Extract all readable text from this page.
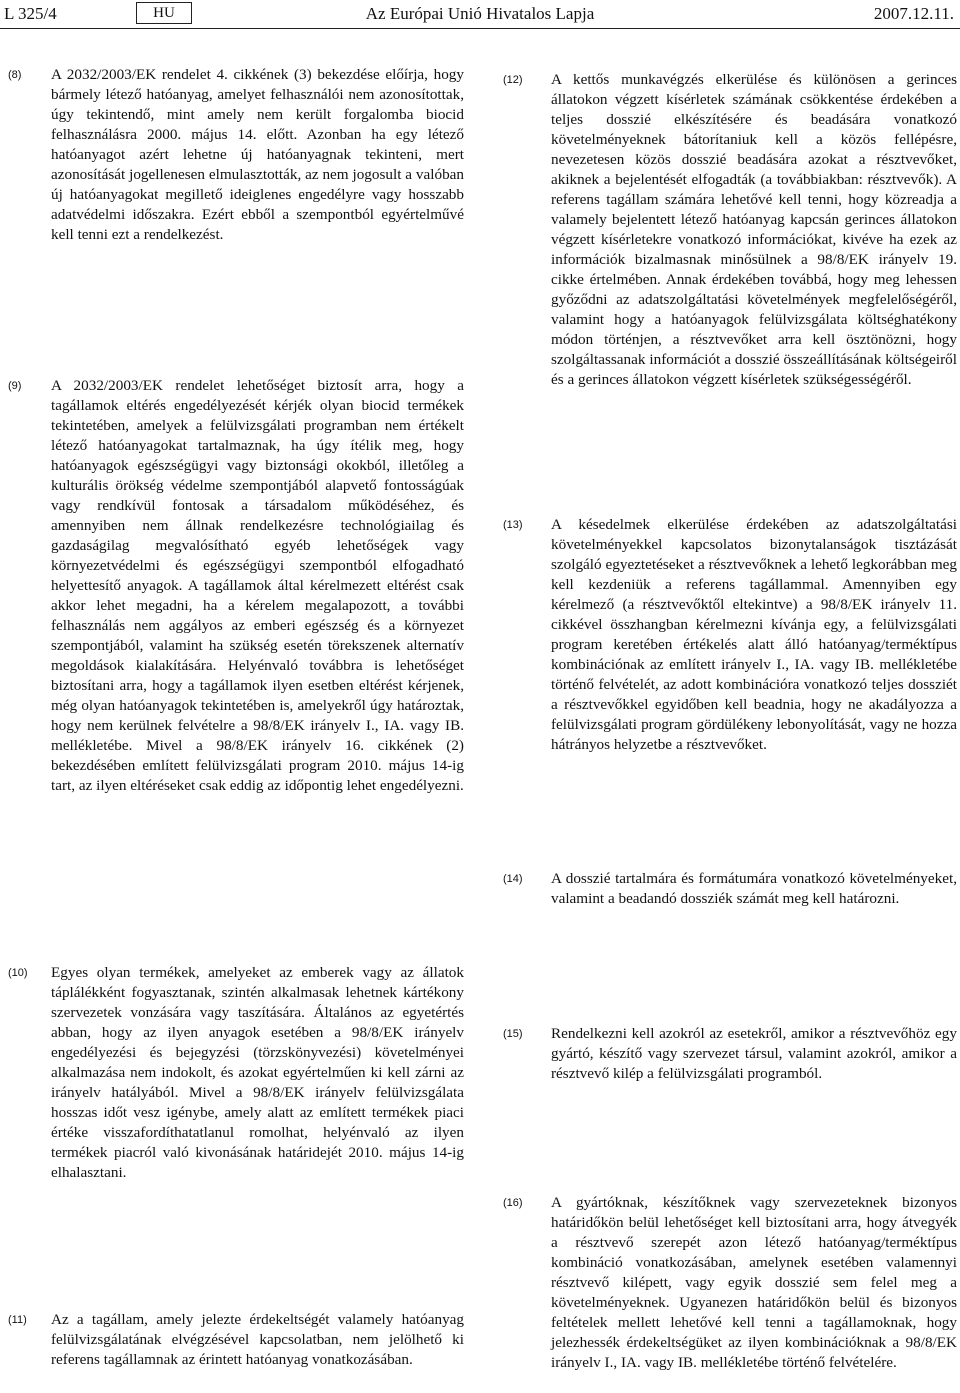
L 325/4	HU	Az Európai Unió Hivatalos Lapja	2007.12.11.
(8) A 2032/2003/EK rendelet 4. cikkének (3) bekezdése előírja, hogy bármely létező hatóanyag, amelyet felhasználói nem azonosítottak, úgy tekintendő, mint amely nem került forgalomba biocid felhasználásra 2000. május 14. előtt. Azonban ha egy létező hatóanyagot azért lehetne új hatóanyagnak tekinteni, mert azonosítását jogellenesen elmulasztották, az nem jogosult a valóban új hatóanyagokat megillető ideiglenes engedélyre vagy hosszabb adatvédelmi időszakra. Ezért ebből a szempontból egyértelművé kell tenni ezt a rendelkezést.

(9) A 2032/2003/EK rendelet lehetőséget biztosít arra, hogy a tagállamok eltérés engedélyezését kérjék olyan biocid termékek tekintetében, amelyek a felülvizsgálati programban nem értékelt létező hatóanyagokat tartalmaznak, ha úgy ítélik meg, hogy hatóanyagok egészségügyi vagy biztonsági okokból, illetőleg a kulturális örökség védelme szempontjából alapvető fontosságúak vagy rendkívül fontosak a társadalom működéséhez, és amennyiben nem állnak rendelkezésre technológiailag és gazdaságilag megvalósítható egyéb lehetőségek vagy környezetvédelmi és egészségügyi szempontból elfogadható helyettesítő anyagok. A tagállamok által kérelmezett eltérést csak akkor lehet megadni, ha a kérelem megalapozott, a további felhasználás nem aggályos az emberi egészség és a környezet szempontjából, valamint ha szükség esetén törekszenek alternatív megoldások kialakítására. Helyénvaló továbbra is lehetőséget biztosítani arra, hogy a tagállamok ilyen esetben eltérést kérjenek, még olyan hatóanyagok tekintetében is, amelyekről úgy határoztak, hogy nem kerülnek felvételre a 98/8/EK irányelv I., IA. vagy IB. mellékletébe. Mivel a 98/8/EK irányelv 16. cikkének (2) bekezdésében említett felülvizsgálati program 2010. május 14-ig tart, az ilyen eltéréseket csak eddig az időpontig lehet engedélyezni.

(10) Egyes olyan termékek, amelyeket az emberek vagy az állatok táplálékként fogyasztanak, szintén alkalmasak lehetnek kártékony szervezetek vonzására vagy taszítására. Általános az egyetértés abban, hogy az ilyen anyagok esetében a 98/8/EK irányelv engedélyezési és bejegyzési (törzskönyvezési) követelményei alkalmazása nem indokolt, és azokat egyértelműen ki kell zárni az irányelv hatályából. Mivel a 98/8/EK irányelv felülvizsgálata hosszas időt vesz igénybe, amely alatt az említett termékek piaci értéke visszafordíthatatlanul romolhat, helyénvaló az ilyen termékek piacról való kivonásának határidejét 2010. május 14-ig elhalasztani.

(11) Az a tagállam, amely jelezte érdekeltségét valamely hatóanyag felülvizsgálatának elvégzésével kapcsolatban, nem jelölhető ki referens tagállamnak az érintett hatóanyag vonatkozásában.

(12) A kettős munkavégzés elkerülése és különösen a gerinces állatokon végzett kísérletek számának csökkentése érdekében a teljes dosszié elkészítésére és beadására vonatkozó követelményeknek bátorítaniuk kell a közös fellépésre, nevezetesen közös dosszié beadására azokat a résztvevőket, akiknek a bejelentését elfogadták (a továbbiakban: résztvevők). A referens tagállam számára lehetővé kell tenni, hogy közreadja a valamely bejelentett létező hatóanyag kapcsán gerinces állatokon végzett kísérletekre vonatkozó információkat, kivéve ha ezek az információk bizalmasnak minősülnek a 98/8/EK irányelv 19. cikke értelmében. Annak érdekében továbbá, hogy meg lehessen győződni az adatszolgáltatási követelmények megfelelőségéről, valamint hogy a hatóanyagok felülvizsgálata költséghatékony módon történjen, a résztvevőket arra kell ösztönözni, hogy szolgáltassanak információt a dosszié összeállításának költségeiről és a gerinces állatokon végzett kísérletek szükségességéről.

(13) A késedelmek elkerülése érdekében az adatszolgáltatási követelményekkel kapcsolatos bizonytalanságok tisztázását szolgáló egyeztetéseket a résztvevőknek a lehető legkorábban meg kell kezdeniük a referens tagállammal. Amennyiben egy kérelmező (a résztvevőktől eltekintve) a 98/8/EK irányelv 11. cikkével összhangban kérelmezni kívánja egy, a felülvizsgálati program keretében értékelés alatt álló hatóanyag/terméktípus kombinációnak az említett irányelv I., IA. vagy IB. mellékletébe történő felvételét, az adott kombinációra vonatkozó teljes dossziét a résztvevőkkel egyidőben kell beadnia, hogy ne akadályozza a felülvizsgálati program gördülékeny lebonyolítását, vagy ne hozza hátrányos helyzetbe a résztvevőket.

(14) A dosszié tartalmára és formátumára vonatkozó követelményeket, valamint a beadandó dossziék számát meg kell határozni.

(15) Rendelkezni kell azokról az esetekről, amikor a résztvevőhöz egy gyártó, készítő vagy szervezet társul, valamint azokról, amikor a résztvevő kilép a felülvizsgálati programból.

(16) A gyártóknak, készítőknek vagy szervezeteknek bizonyos határidőkön belül lehetőséget kell biztosítani arra, hogy átvegyék a résztvevő szerepét azon létező hatóanyag/terméktípus kombináció vonatkozásában, amelynek esetében valamennyi résztvevő kilépett, vagy egyik dosszié sem felel meg a követelményeknek. Ugyanezen határidőkön belül és bizonyos feltételek mellett lehetővé kell tenni a tagállamoknak, hogy jelezhessék érdekeltségüket az ilyen kombinációknak a 98/8/EK irányelv I., IA. vagy IB. mellékletébe történő felvételére.
